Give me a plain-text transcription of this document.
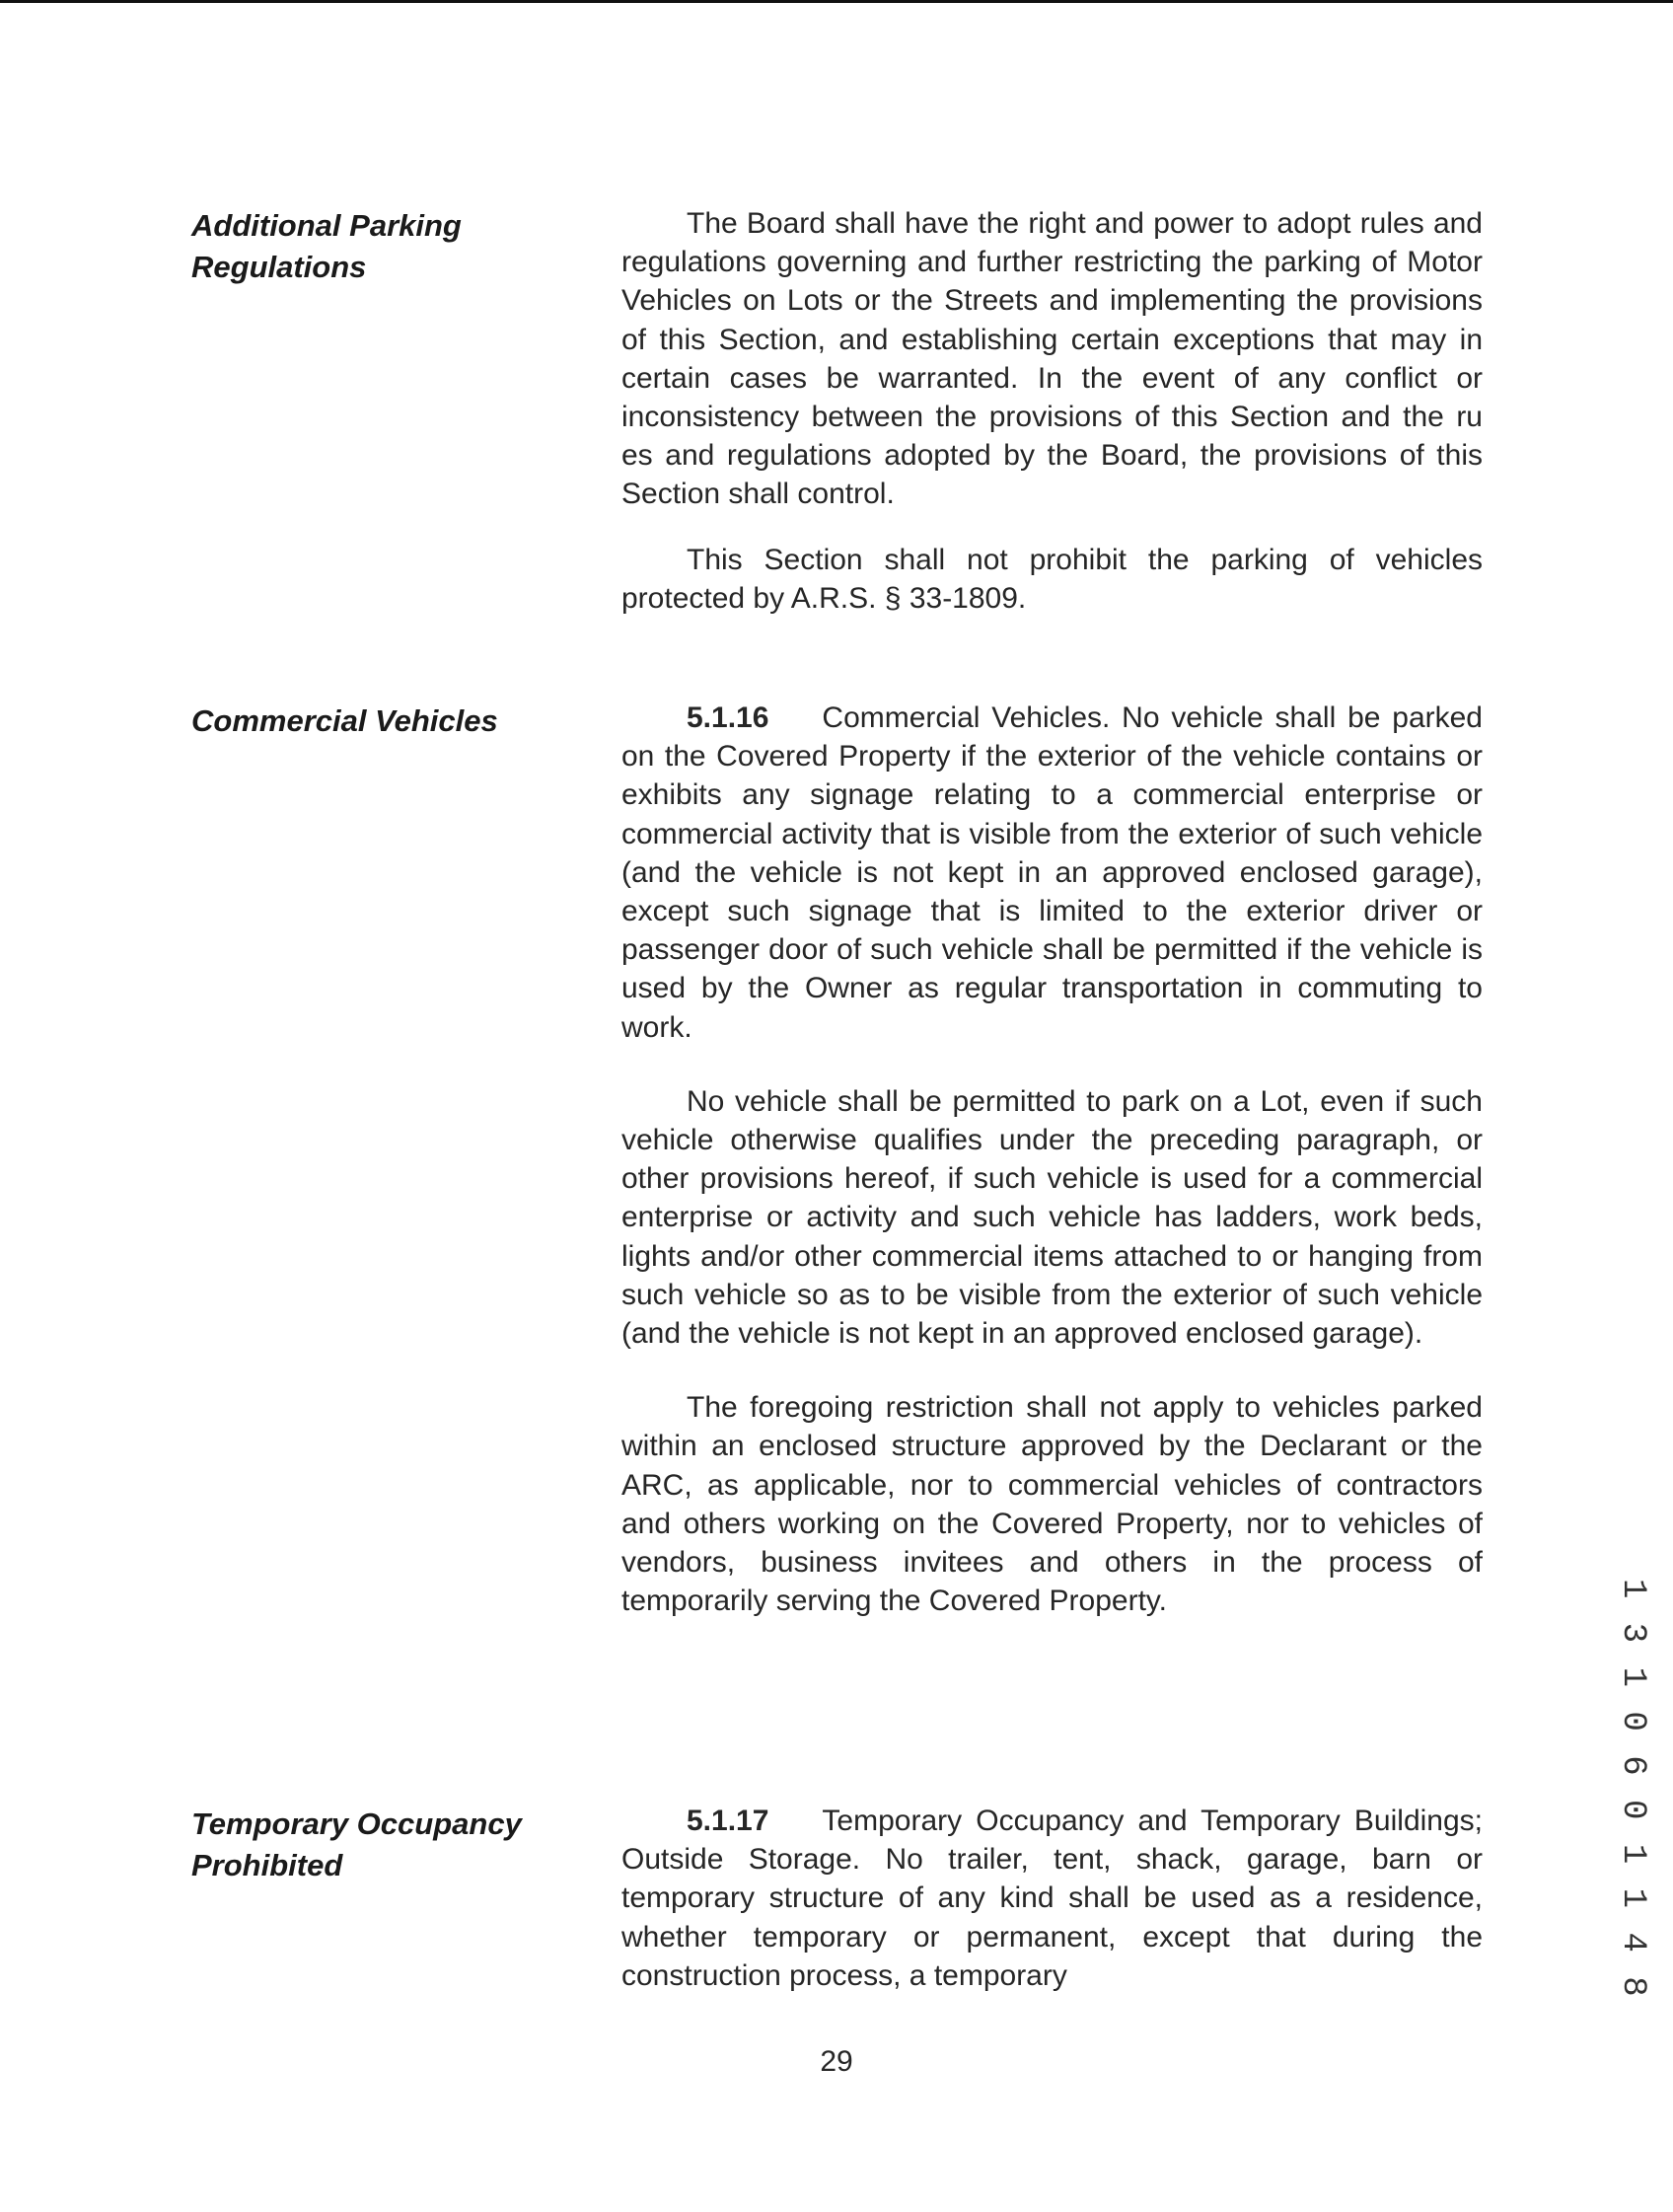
Additional Parking
Regulations

The Board shall have the right and power to adopt rules and regulations governing and further restricting the parking of Motor Vehicles on Lots or the Streets and implementing the provisions of this Section, and establishing certain exceptions that may in certain cases be warranted. In the event of any conflict or inconsistency between the provisions of this Section and the ru es and regulations adopted by the Board, the provisions of this Section shall control.

This Section shall not prohibit the parking of vehicles protected by A.R.S. § 33-1809.

Commercial Vehicles	5.1.16 Commercial Vehicles. No vehicle shall be parked on the Covered Property if the exterior of the vehicle contains or exhibits any signage relating to a commercial enterprise or commercial activity that is visible from the exterior of such vehicle (and the vehicle is not kept in an approved enclosed garage), except such signage that is limited to the exterior driver or passenger door of such vehicle shall be permitted if the vehicle is used by the Owner as regular transportation in commuting to work.

No vehicle shall be permitted to park on a Lot, even if such vehicle otherwise qualifies under the preceding paragraph, or other provisions hereof, if such vehicle is used for a commercial enterprise or activity and such vehicle has ladders, work beds, lights and/or other commercial items attached to or hanging from such vehicle so as to be visible from the exterior of such vehicle (and the vehicle is not kept in an approved enclosed garage).

The foregoing restriction shall not apply to vehicles parked within an enclosed structure approved by the Declarant or the ARC, as applicable, nor to commercial vehicles of contractors and others working on the Covered Property, nor to vehicles of vendors, business invitees and others in the process of temporarily serving the Covered Property.

Temporary Occupancy
Prohibited

5.1.17 Temporary Occupancy and Temporary Buildings; Outside Storage. No trailer, tent, shack, garage, barn or temporary structure of any kind shall be used as a residence, whether temporary or permanent, except that during the construction process, a temporary

29
1 3 1 0 6 0 1 1 4 8
